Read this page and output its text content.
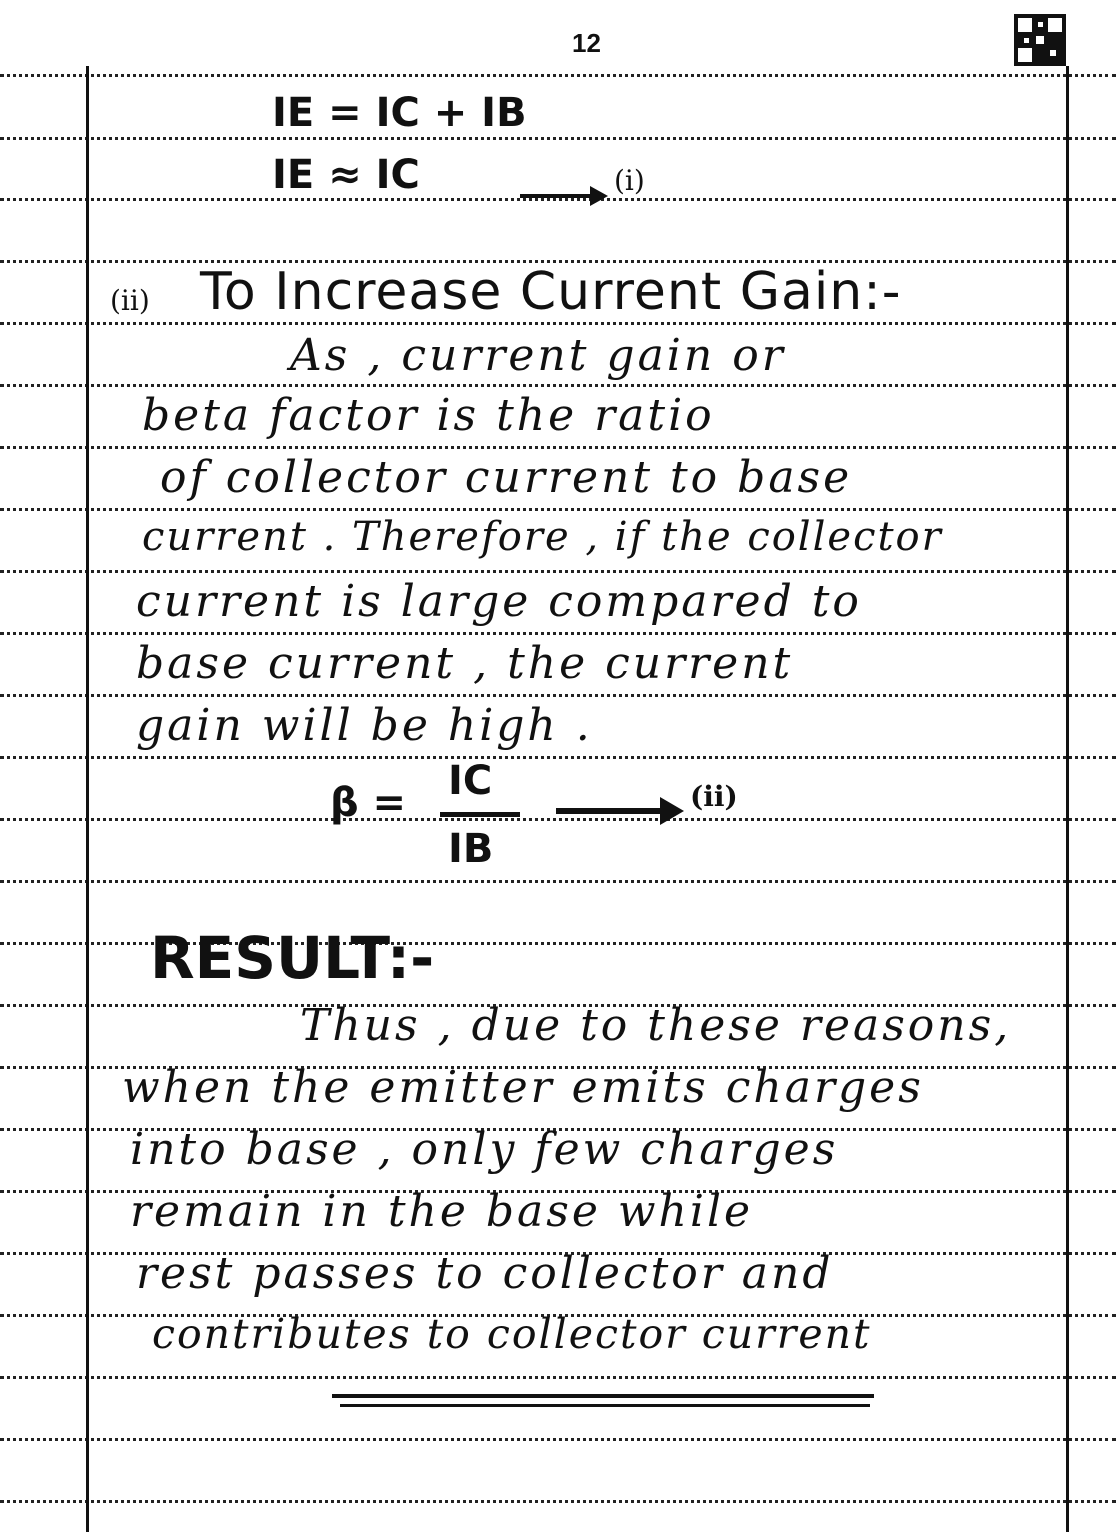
12
IE = IC + IB
IE ≈ IC	(i)
(ii) To Increase Current Gain:-
As , current gain or
beta factor is the ratio
of collector current to base
current . Therefore , if the collector
current is large compared to
base current , the current
gain will be high .
β = IC
IB
(ii)
RESULT:-
Thus , due to these reasons,
when the emitter emits charges
into base , only few charges
remain in the base while
rest passes to collector and
contributes to collector current
